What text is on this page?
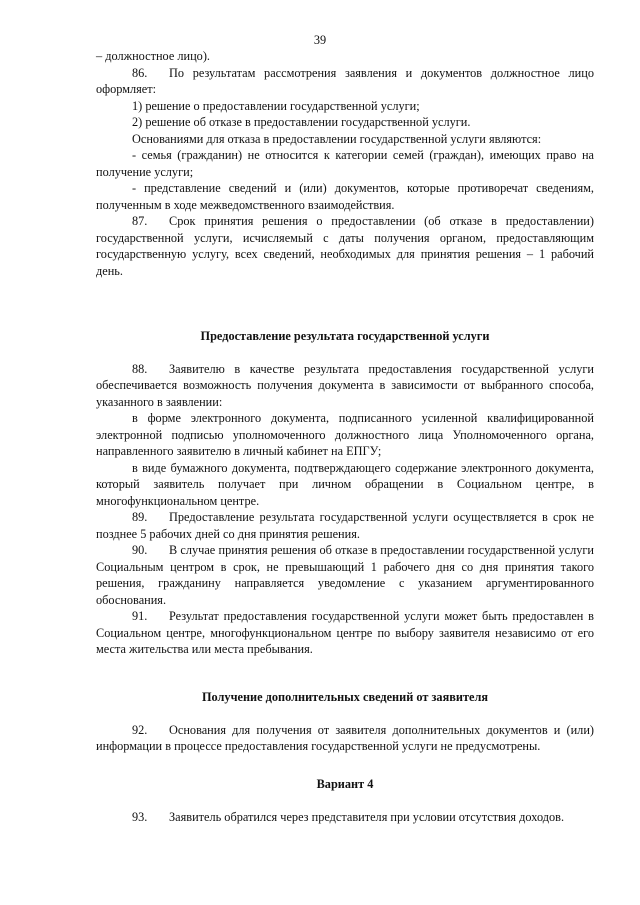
39

– должностное лицо).

86. По результатам рассмотрения заявления и документов должностное лицо оформляет:

1) решение о предоставлении государственной услуги;

2) решение об отказе в предоставлении государственной услуги.

Основаниями для отказа в предоставлении государственной услуги являются:

- семья (гражданин) не относится к категории семей (граждан), имеющих право на получение услуги;

- представление сведений и (или) документов, которые противоречат сведениям, полученным в ходе межведомственного взаимодействия.

87. Срок принятия решения о предоставлении (об отказе в предоставлении) государственной услуги, исчисляемый с даты получения органом, предоставляющим государственную услугу, всех сведений, необходимых для принятия решения – 1 рабочий день.

Предоставление результата государственной услуги

88. Заявителю в качестве результата предоставления государственной услуги обеспечивается возможность получения документа в зависимости от выбранного способа, указанного в заявлении:

в форме электронного документа, подписанного усиленной квалифицированной электронной подписью уполномоченного должностного лица Уполномоченного органа, направленного заявителю в личный кабинет на ЕПГУ;

в виде бумажного документа, подтверждающего содержание электронного документа, который заявитель получает при личном обращении в Социальном центре, в многофункциональном центре.

89. Предоставление результата государственной услуги осуществляется в срок не позднее 5 рабочих дней со дня принятия решения.

90. В случае принятия решения об отказе в предоставлении государственной услуги Социальным центром в срок, не превышающий 1 рабочего дня со дня принятия такого решения, гражданину направляется уведомление с указанием аргументированного обоснования.

91. Результат предоставления государственной услуги может быть предоставлен в Социальном центре, многофункциональном центре по выбору заявителя независимо от его места жительства или места пребывания.

Получение дополнительных сведений от заявителя

92. Основания для получения от заявителя дополнительных документов и (или) информации в процессе предоставления государственной услуги не предусмотрены.

Вариант 4

93. Заявитель обратился через представителя при условии отсутствия доходов.
